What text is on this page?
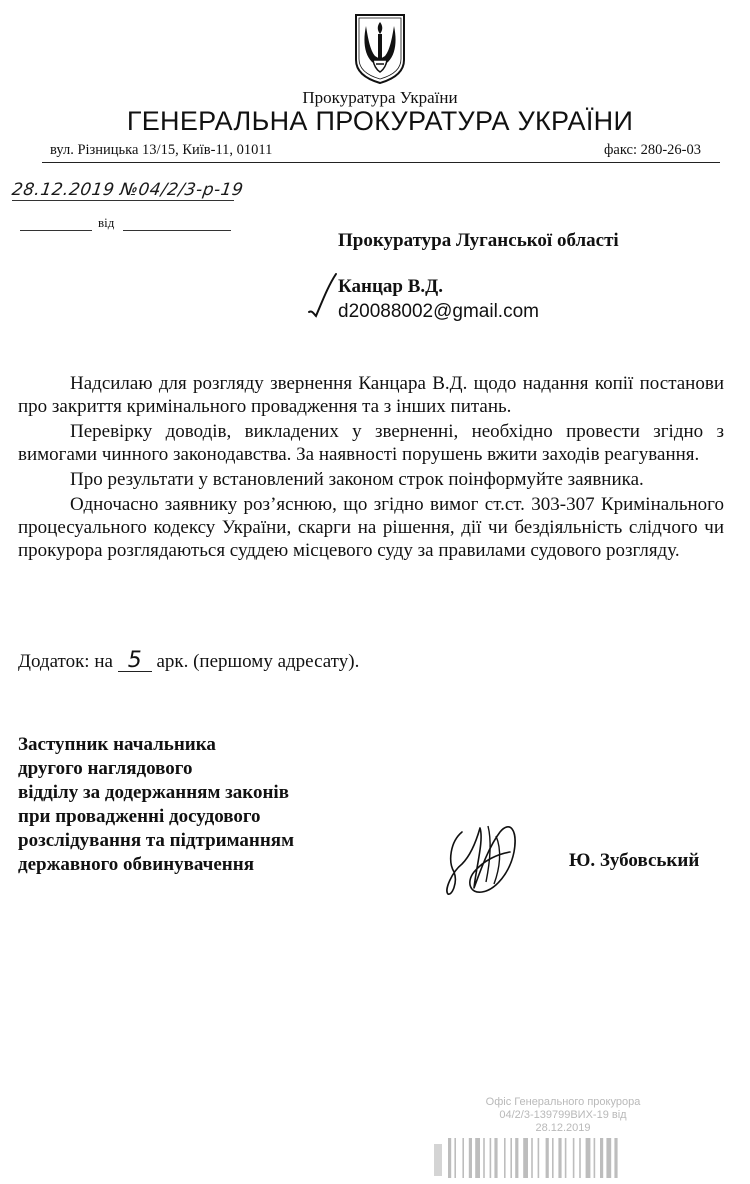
Прокуратура України
ГЕНЕРАЛЬНА ПРОКУРАТУРА УКРАЇНИ
вул. Різницька 13/15, Київ-11, 01011	факс: 280-26-03
28.12.2019 №04/2/3-р-19
від
Прокуратура Луганської області
Канцар В.Д.
d20088002@gmail.com

Надсилаю для розгляду звернення Канцара В.Д. щодо надання копії постанови про закриття кримінального провадження та з інших питань.

Перевірку доводів, викладених у зверненні, необхідно провести згідно з вимогами чинного законодавства. За наявності порушень вжити заходів реагування.

Про результати у встановлений законом строк поінформуйте заявника.

Одночасно заявнику роз’яснюю, що згідно вимог ст.ст. 303-307 Кримінального процесуального кодексу України, скарги на рішення, дії чи бездіяльність слідчого чи прокурора розглядаються суддею місцевого суду за правилами судового розгляду.

Додаток: на 5 арк. (першому адресату).
Заступник начальника
другого наглядового
відділу за додержанням законів
при провадженні досудового
розслідування та підтриманням
державного обвинувачення	Ю. Зубовський
Офіс Генерального прокурора
04/2/3-139799ВИХ-19 від
28.12.2019
